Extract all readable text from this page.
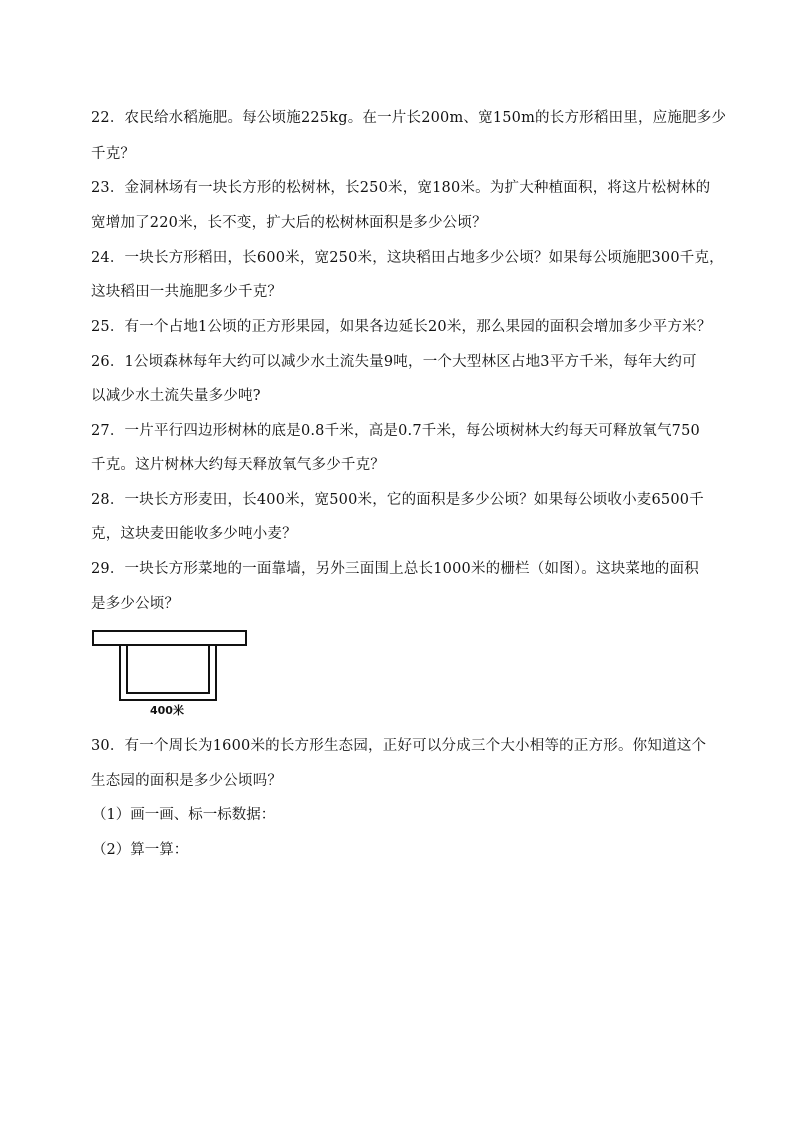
22．农民给水稻施肥。每公顷施225kg。在一片长200m、宽150m的长方形稻田里，应施肥多少
千克？
23．金洞林场有一块长方形的松树林，长250米，宽180米。为扩大种植面积，将这片松树林的
宽增加了220米，长不变，扩大后的松树林面积是多少公顷？
24．一块长方形稻田，长600米，宽250米，这块稻田占地多少公顷？如果每公顷施肥300千克，
这块稻田一共施肥多少千克？
25．有一个占地1公顷的正方形果园，如果各边延长20米，那么果园的面积会增加多少平方米？
26．1公顷森林每年大约可以减少水土流失量9吨，一个大型林区占地3平方千米，每年大约可
以减少水土流失量多少吨?
27．一片平行四边形树林的底是0.8千米，高是0.7千米，每公顷树林大约每天可释放氧气750
千克。这片树林大约每天释放氧气多少千克？
28．一块长方形麦田，长400米，宽500米，它的面积是多少公顷？如果每公顷收小麦6500千
克，这块麦田能收多少吨小麦？
29．一块长方形菜地的一面靠墙，另外三面围上总长1000米的栅栏（如图）。这块菜地的面积
是多少公顷？
400米
30．有一个周长为1600米的长方形生态园，正好可以分成三个大小相等的正方形。你知道这个
生态园的面积是多少公顷吗？
（1）画一画、标一标数据：
（2）算一算：
